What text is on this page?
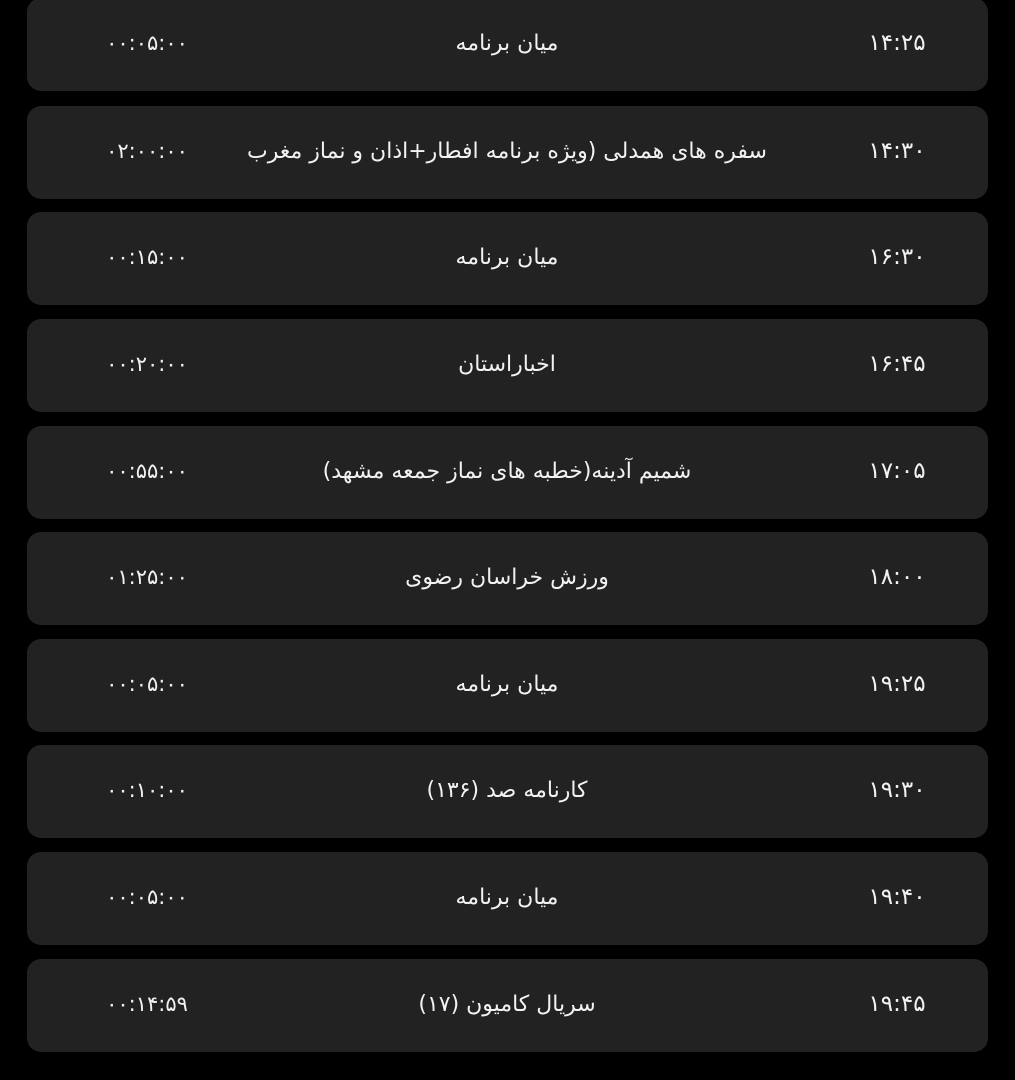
۱۴:۲۵
میان برنامه
۰۰:۰۵:۰۰
۱۴:۳۰
سفره های همدلی (ویژه برنامه افطار+اذان و نماز مغرب
۰۲:۰۰:۰۰
۱۶:۳۰
میان برنامه
۰۰:۱۵:۰۰
۱۶:۴۵
اخباراستان
۰۰:۲۰:۰۰
۱۷:۰۵
شمیم آدینه(خطبه های نماز جمعه مشهد)
۰۰:۵۵:۰۰
۱۸:۰۰
ورزش خراسان رضوی
۰۱:۲۵:۰۰
۱۹:۲۵
میان برنامه
۰۰:۰۵:۰۰
۱۹:۳۰
کارنامه صد (۱۳۶)
۰۰:۱۰:۰۰
۱۹:۴۰
میان برنامه
۰۰:۰۵:۰۰
۱۹:۴۵
سریال کامیون (۱۷)
۰۰:۱۴:۵۹
